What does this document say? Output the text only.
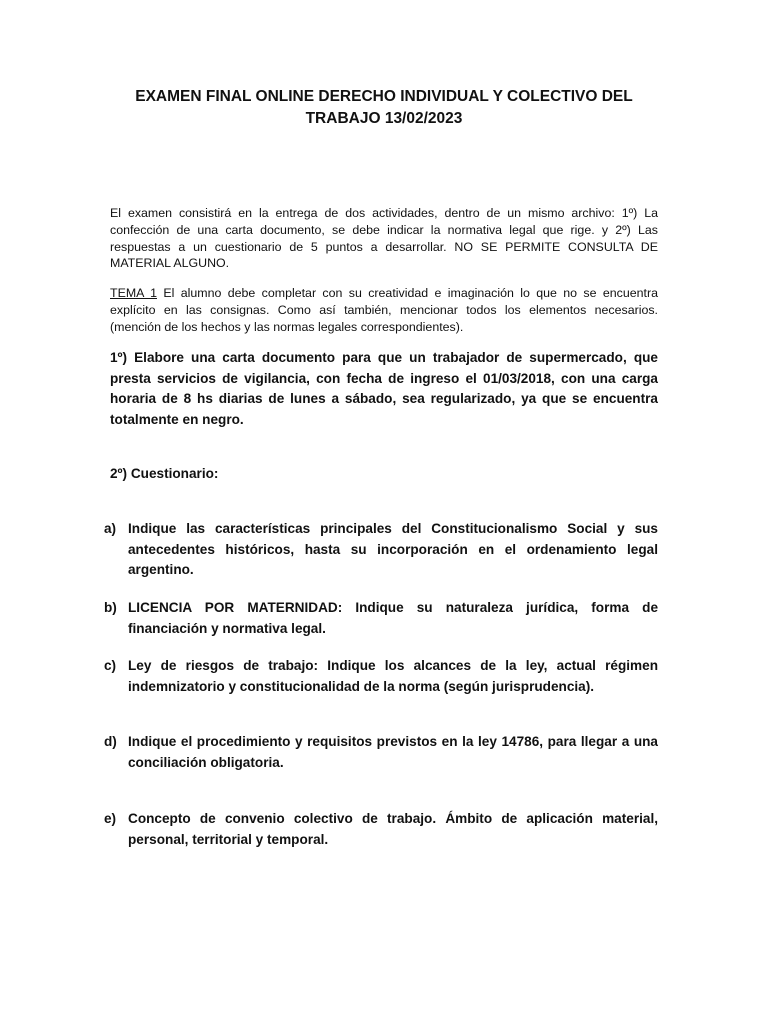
EXAMEN FINAL ONLINE DERECHO INDIVIDUAL Y COLECTIVO DEL
TRABAJO 13/02/2023

El examen consistirá en la entrega de dos actividades, dentro de un mismo archivo: 1º) La confección de una carta documento, se debe indicar la normativa legal que rige. y 2º) Las respuestas a un cuestionario de 5 puntos a desarrollar. NO SE PERMITE CONSULTA DE MATERIAL ALGUNO.

TEMA 1 El alumno debe completar con su creatividad e imaginación lo que no se encuentra explícito en las consignas. Como así también, mencionar todos los elementos necesarios. (mención de los hechos y las normas legales correspondientes).

1º) Elabore una carta documento para que un trabajador de supermercado, que presta servicios de vigilancia, con fecha de ingreso el 01/03/2018, con una carga horaria de 8 hs diarias de lunes a sábado, sea regularizado, ya que se encuentra totalmente en negro.

2º) Cuestionario:
a) Indique las características principales del Constitucionalismo Social y sus antecedentes históricos, hasta su incorporación en el ordenamiento legal argentino.
b) LICENCIA POR MATERNIDAD: Indique su naturaleza jurídica, forma de financiación y normativa legal.
c) Ley de riesgos de trabajo: Indique los alcances de la ley, actual régimen indemnizatorio y constitucionalidad de la norma (según jurisprudencia).
d) Indique el procedimiento y requisitos previstos en la ley 14786, para llegar a una conciliación obligatoria.
e) Concepto de convenio colectivo de trabajo. Ámbito de aplicación material, personal, territorial y temporal.
